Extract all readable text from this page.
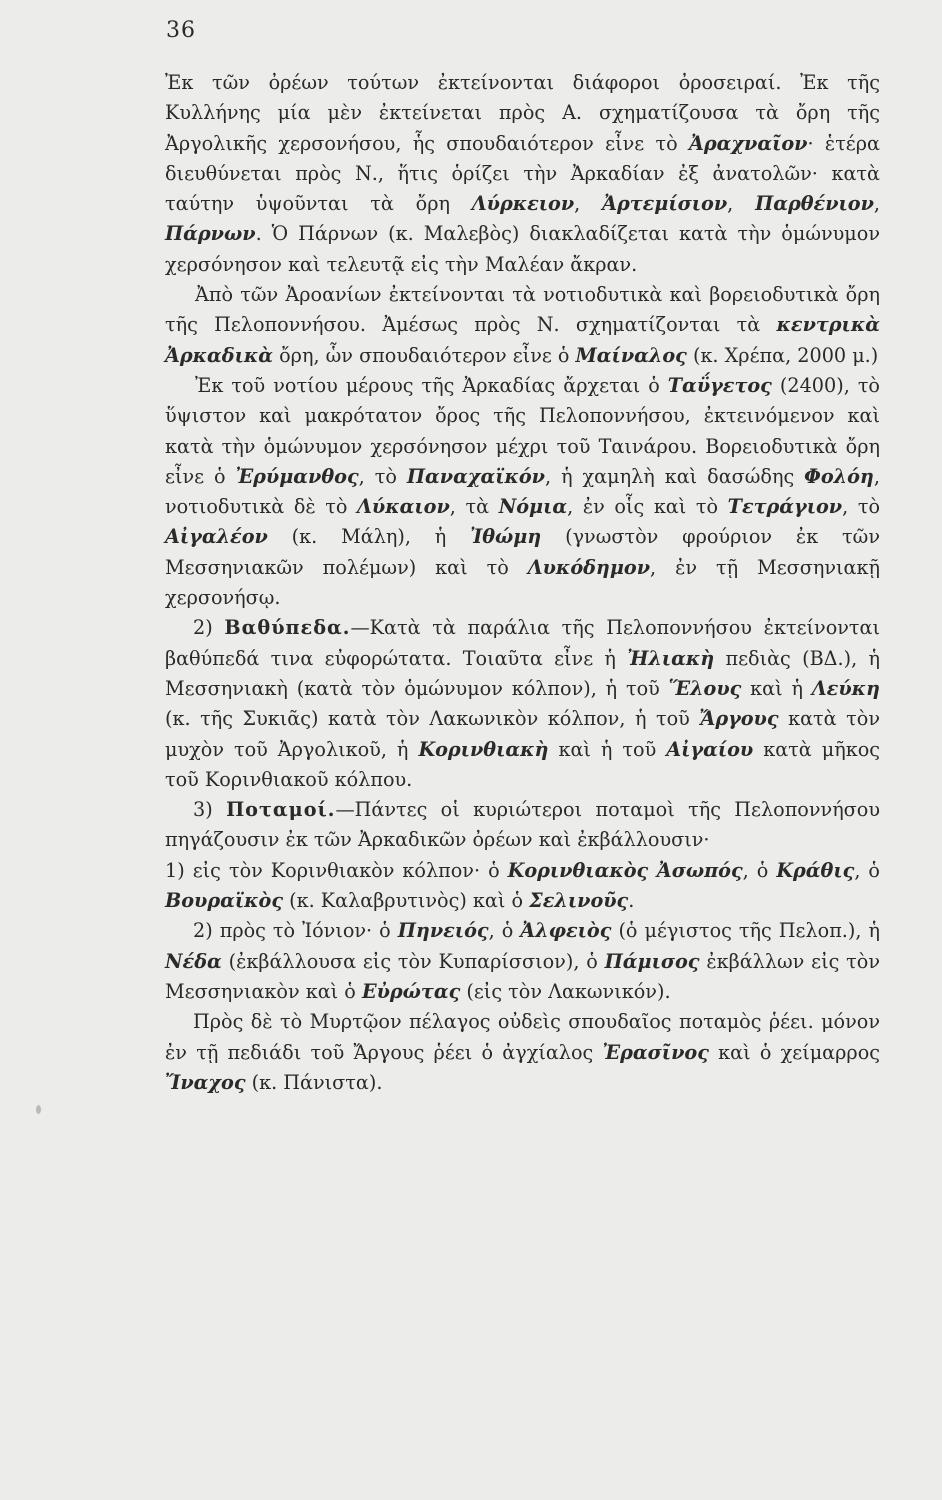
36

Ἐκ τῶν ὀρέων τούτων ἐκτείνονται διάφοροι ὀροσειραί. Ἐκ τῆς Κυλλήνης μία μὲν ἐκτείνεται πρὸς Α. σχηματίζουσα τὰ ὄρη τῆς Ἀργολικῆς χερσονήσου, ἧς σπουδαιότερον εἶνε τὸ Ἀραχναῖον· ἑτέρα διευθύνεται πρὸς Ν., ἥτις ὁρίζει τὴν Ἀρκαδίαν ἐξ ἀνατολῶν· κατὰ ταύτην ὑψοῦνται τὰ ὄρη Λύρκειον, Ἀρτεμίσιον, Παρθένιον, Πάρνων. Ὁ Πάρνων (κ. Μαλεβὸς) διακλαδίζεται κατὰ τὴν ὁμώνυμον χερσόνησον καὶ τελευτᾷ εἰς τὴν Μαλέαν ἄκραν.

Ἀπὸ τῶν Ἀροανίων ἐκτείνονται τὰ νοτιοδυτικὰ καὶ βορειοδυτικὰ ὄρη τῆς Πελοποννήσου. Ἀμέσως πρὸς Ν. σχηματίζονται τὰ κεντρικὰ Ἀρκαδικὰ ὄρη, ὧν σπουδαιότερον εἶνε ὁ Μαίναλος (κ. Χρέπα, 2000 μ.)

Ἐκ τοῦ νοτίου μέρους τῆς Ἀρκαδίας ἄρχεται ὁ Ταΰγετος (2400), τὸ ὕψιστον καὶ μακρότατον ὄρος τῆς Πελοποννήσου, ἐκτεινόμενον καὶ κατὰ τὴν ὁμώνυμον χερσόνησον μέχρι τοῦ Ταινάρου. Βορειοδυτικὰ ὄρη εἶνε ὁ Ἐρύμανθος, τὸ Παναχαϊκόν, ἡ χαμηλὴ καὶ δασώδης Φολόη, νοτιοδυτικὰ δὲ τὸ Λύκαιον, τὰ Νόμια, ἐν οἷς καὶ τὸ Τετράγιον, τὸ Αἰγαλέον (κ. Μάλη), ἡ Ἰθώμη (γνωστὸν φρούριον ἐκ τῶν Μεσσηνιακῶν πολέμων) καὶ τὸ Λυκόδημον, ἐν τῇ Μεσσηνιακῇ χερσονήσῳ.

2) Βαθύπεδα.—Κατὰ τὰ παράλια τῆς Πελοποννήσου ἐκτείνονται βαθύπεδά τινα εὐφορώτατα. Τοιαῦτα εἶνε ἡ Ἠλιακὴ πεδιὰς (ΒΔ.), ἡ Μεσσηνιακὴ (κατὰ τὸν ὁμώνυμον κόλπον), ἡ τοῦ Ἕλους καὶ ἡ Λεύκη (κ. τῆς Συκιᾶς) κατὰ τὸν Λακωνικὸν κόλπον, ἡ τοῦ Ἄργους κατὰ τὸν μυχὸν τοῦ Ἀργολικοῦ, ἡ Κορινθιακὴ καὶ ἡ τοῦ Αἰγαίου κατὰ μῆκος τοῦ Κορινθιακοῦ κόλπου.

3) Ποταμοί.—Πάντες οἱ κυριώτεροι ποταμοὶ τῆς Πελοποννήσου πηγάζουσιν ἐκ τῶν Ἀρκαδικῶν ὀρέων καὶ ἐκβάλλουσιν·

1) εἰς τὸν Κορινθιακὸν κόλπον· ὁ Κορινθιακὸς Ἀσωπός, ὁ Κράθις, ὁ Βουραϊκὸς (κ. Καλαβρυτινὸς) καὶ ὁ Σελινοῦς.

2) πρὸς τὸ Ἰόνιον· ὁ Πηνειός, ὁ Ἀλφειὸς (ὁ μέγιστος τῆς Πελοπ.), ἡ Νέδα (ἐκβάλλουσα εἰς τὸν Κυπαρίσσιον), ὁ Πάμισος ἐκβάλλων εἰς τὸν Μεσσηνιακὸν καὶ ὁ Εὐρώτας (εἰς τὸν Λακωνικόν).

Πρὸς δὲ τὸ Μυρτῷον πέλαγος οὐδεὶς σπουδαῖος ποταμὸς ῥέει. μόνον ἐν τῇ πεδιάδι τοῦ Ἄργους ῥέει ὁ ἀγχίαλος Ἐρασῖνος καὶ ὁ χείμαρρος Ἴναχος (κ. Πάνιστα).
